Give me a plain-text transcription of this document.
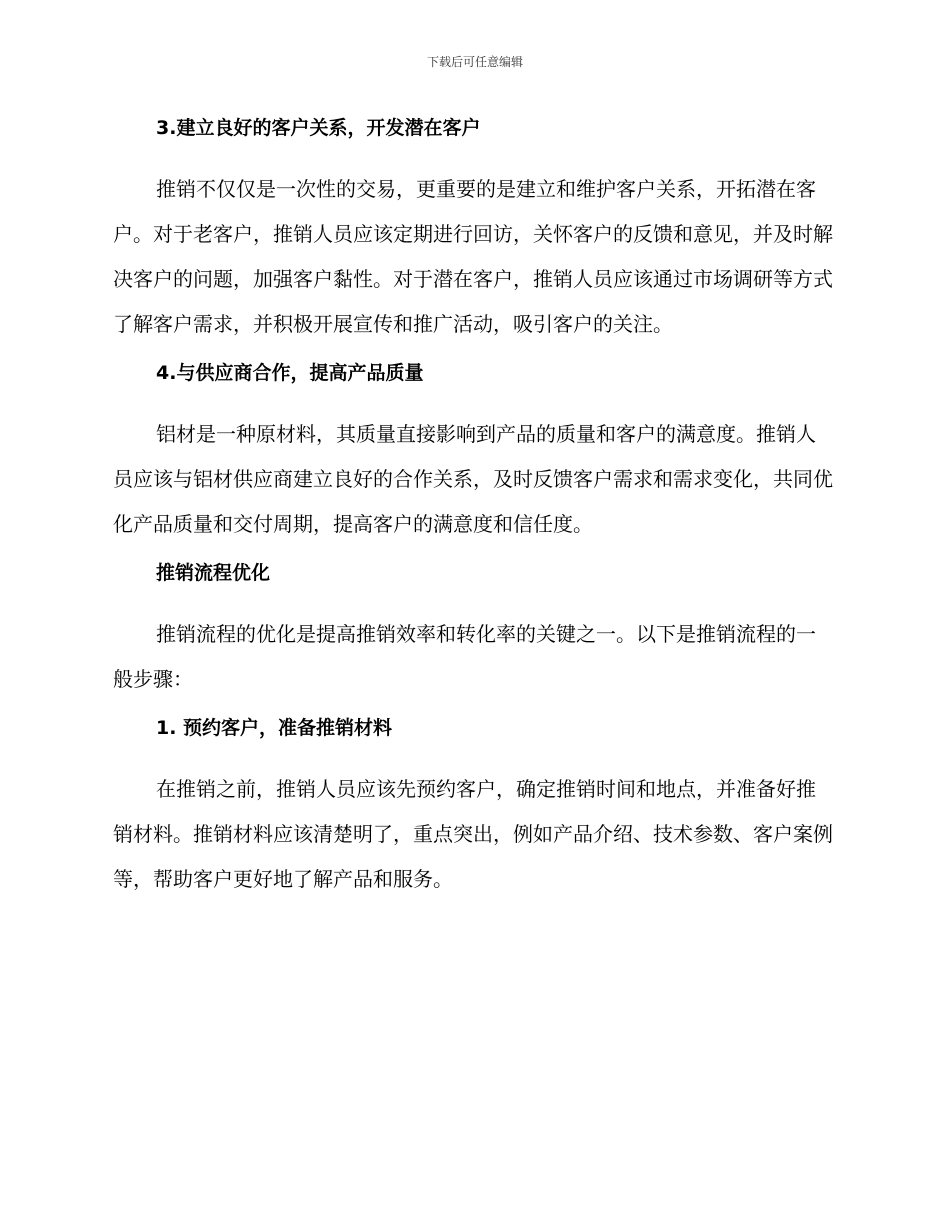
下载后可任意编辑
3.建立良好的客户关系，开发潜在客户
推销不仅仅是一次性的交易，更重要的是建立和维护客户关系，开拓潜在客户。对于老客户，推销人员应该定期进行回访，关怀客户的反馈和意见，并及时解决客户的问题，加强客户黏性。对于潜在客户，推销人员应该通过市场调研等方式了解客户需求，并积极开展宣传和推广活动，吸引客户的关注。
4.与供应商合作，提高产品质量
铝材是一种原材料，其质量直接影响到产品的质量和客户的满意度。推销人员应该与铝材供应商建立良好的合作关系，及时反馈客户需求和需求变化，共同优化产品质量和交付周期，提高客户的满意度和信任度。
推销流程优化
推销流程的优化是提高推销效率和转化率的关键之一。以下是推销流程的一般步骤：
1. 预约客户，准备推销材料
在推销之前，推销人员应该先预约客户，确定推销时间和地点，并准备好推销材料。推销材料应该清楚明了，重点突出，例如产品介绍、技术参数、客户案例等，帮助客户更好地了解产品和服务。
